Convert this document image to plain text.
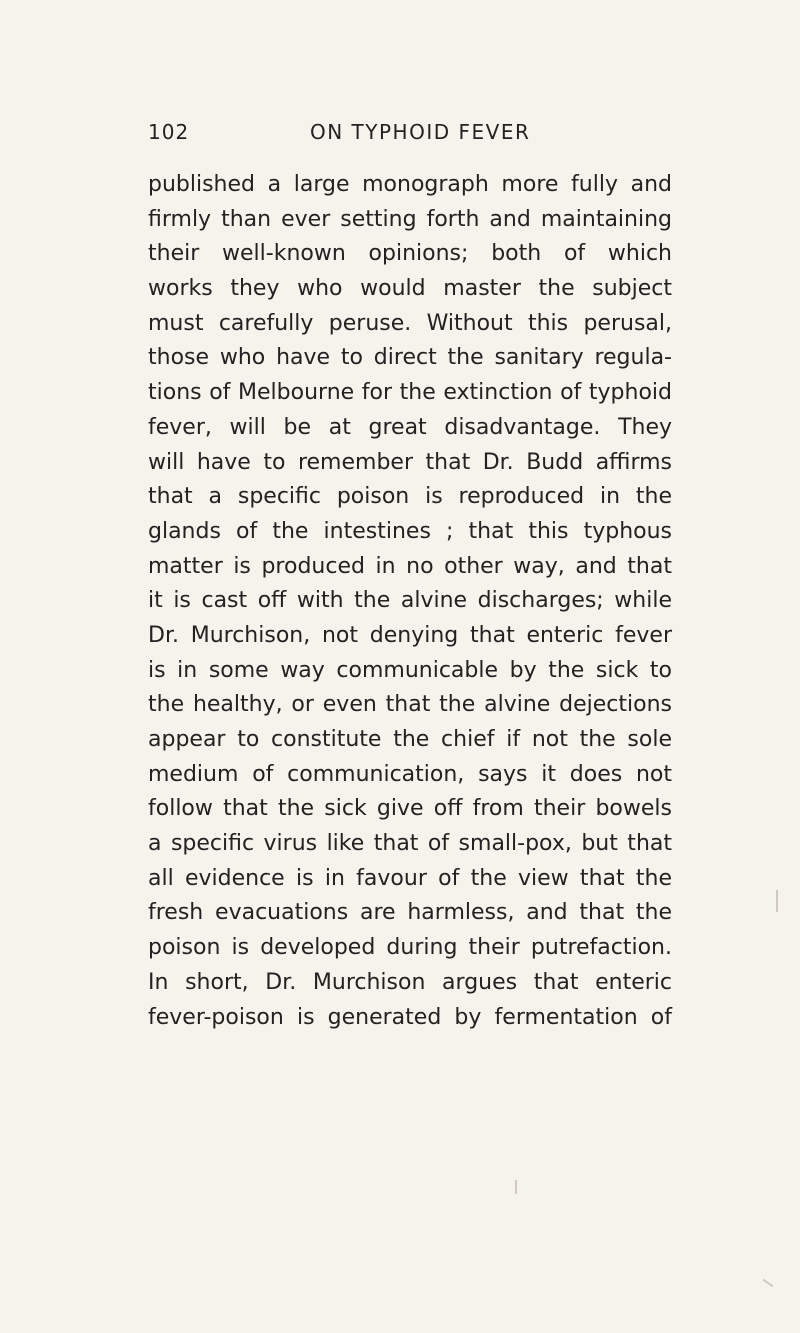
102	ON TYPHOID FEVER
published a large monograph more fully and
firmly than ever setting forth and maintaining
their well-known opinions; both of which
works they who would master the subject
must carefully peruse. Without this perusal,
those who have to direct the sanitary regula-
tions of Melbourne for the extinction of typhoid
fever, will be at great disadvantage. They
will have to remember that Dr. Budd affirms
that a specific poison is reproduced in the
glands of the intestines ; that this typhous
matter is produced in no other way, and that
it is cast off with the alvine discharges; while
Dr. Murchison, not denying that enteric fever
is in some way communicable by the sick to
the healthy, or even that the alvine dejections
appear to constitute the chief if not the sole
medium of communication, says it does not
follow that the sick give off from their bowels
a specific virus like that of small-pox, but that
all evidence is in favour of the view that the
fresh evacuations are harmless, and that the
poison is developed during their putrefaction.
In short, Dr. Murchison argues that enteric
fever-poison is generated by fermentation of
